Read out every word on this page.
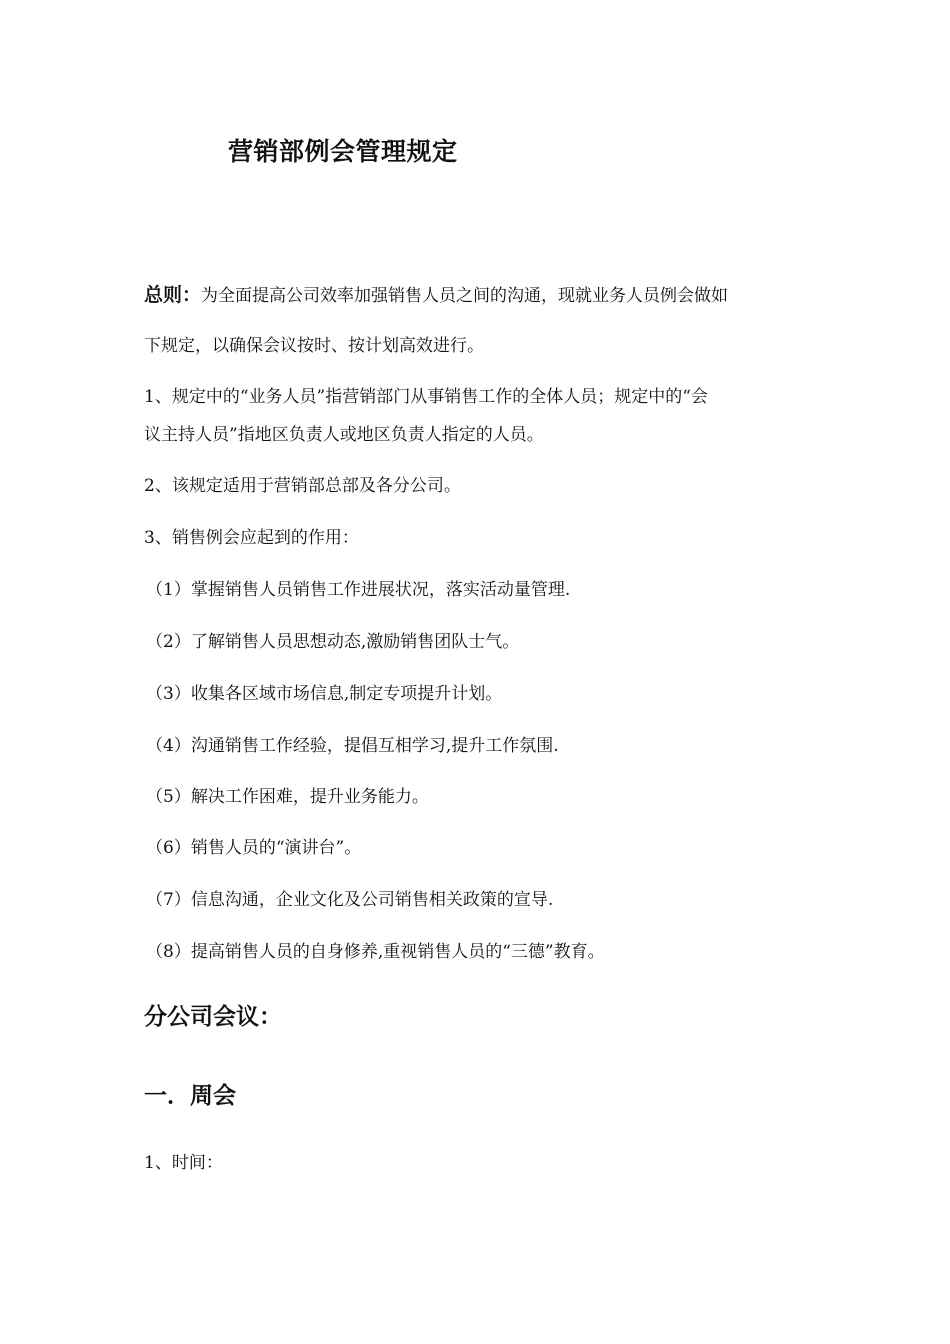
营销部例会管理规定
总则：为全面提高公司效率加强销售人员之间的沟通，现就业务人员例会做如
下规定，以确保会议按时、按计划高效进行。
1、规定中的“业务人员”指营销部门从事销售工作的全体人员；规定中的“会
议主持人员”指地区负责人或地区负责人指定的人员。
2、该规定适用于营销部总部及各分公司。
3、销售例会应起到的作用：
（1）掌握销售人员销售工作进展状况，落实活动量管理.
（2）了解销售人员思想动态,激励销售团队士气。
（3）收集各区域市场信息,制定专项提升计划。
（4）沟通销售工作经验，提倡互相学习,提升工作氛围.
（5）解决工作困难，提升业务能力。
（6）销售人员的“演讲台”。
（7）信息沟通，企业文化及公司销售相关政策的宣导.
（8）提高销售人员的自身修养,重视销售人员的“三德”教育。
分公司会议：
一．周会
1、时间：
